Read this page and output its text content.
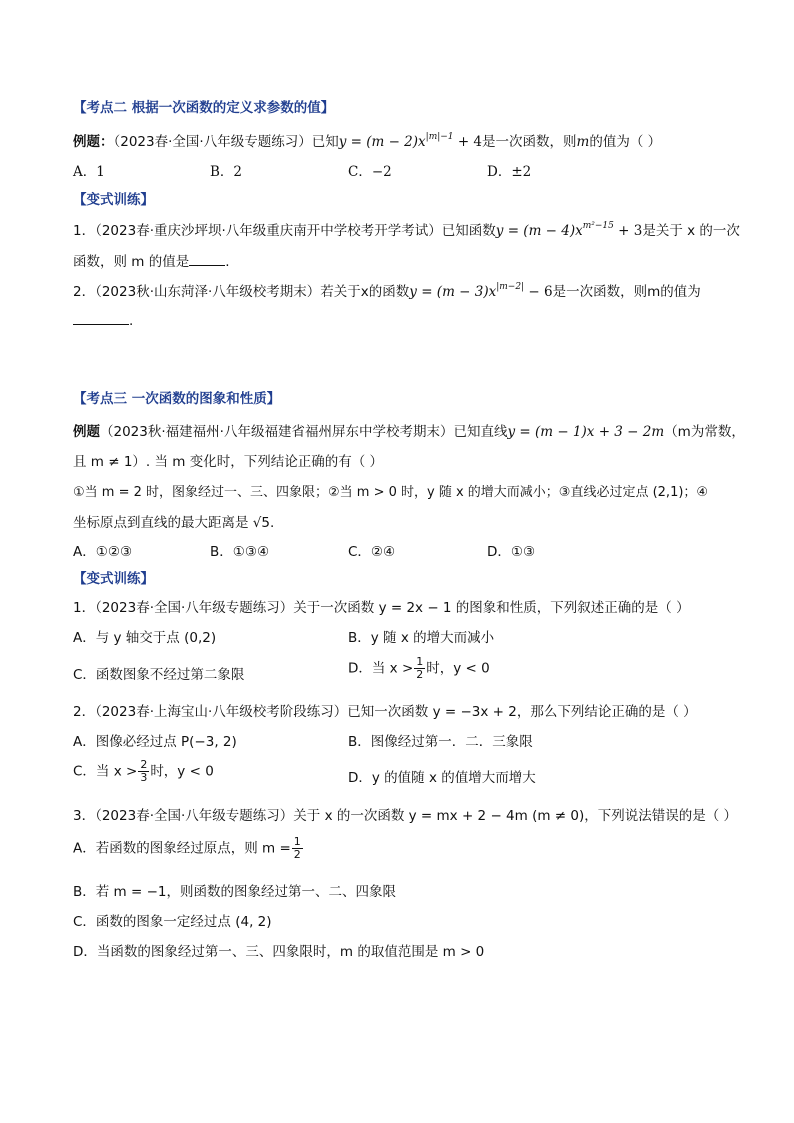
【考点二 根据一次函数的定义求参数的值】
例题：（2023春·全国·八年级专题练习）已知$y = (m - 2)x^{|m|-1} + 4$是一次函数，则m的值为（ ）
A．1	B．2	C．−2	D．±2
【变式训练】
1．（2023春·重庆沙坪坝·八年级重庆南开中学校考开学考试）已知函数$y = (m - 4)x^{m^2-15} + 3$是关于 x 的一次
函数，则 m 的值是	.
2．（2023秋·山东菏泽·八年级校考期末）若关于x的函数$y = (m - 3)x^{|m-2|} - 6$是一次函数，则m的值为
.
【考点三 一次函数的图象和性质】
例题（2023秋·福建福州·八年级福建省福州屏东中学校考期末）已知直线y = (m − 1)x + 3 − 2m（m为常数，
且 m ≠ 1）. 当 m 变化时，下列结论正确的有（ ）
①当 m = 2 时，图象经过一、三、四象限；②当 m > 0 时，y 随 x 的增大而减小；③直线必过定点 (2,1)；④
坐标原点到直线的最大距离是 √5.
A．①②③	B．①③④	C．②④	D．①③
【变式训练】
1．（2023春·全国·八年级专题练习）关于一次函数 y = 2x − 1 的图象和性质，下列叙述正确的是（ ）
A．与 y 轴交于点 (0,2)	B．y 随 x 的增大而减小
C．函数图象不经过第二象限	D．当 $x > \frac{1}{2}$ 时，y < 0
2．（2023春·上海宝山·八年级校考阶段练习）已知一次函数 y = −3x + 2，那么下列结论正确的是（ ）
A．图像必经过点 P(−3, 2)	B．图像经过第一．二．三象限
C．当 $x > \frac{2}{3}$ 时，y < 0	D．y 的值随 x 的值增大而增大
3．（2023春·全国·八年级专题练习）关于 x 的一次函数 y = mx + 2 − 4m (m ≠ 0)，下列说法错误的是（ ）
A．若函数的图象经过原点，则 $m = \frac{1}{2}$
B．若 m = −1，则函数的图象经过第一、二、四象限
C．函数的图象一定经过点 (4, 2)
D．当函数的图象经过第一、三、四象限时，m 的取值范围是 m > 0
